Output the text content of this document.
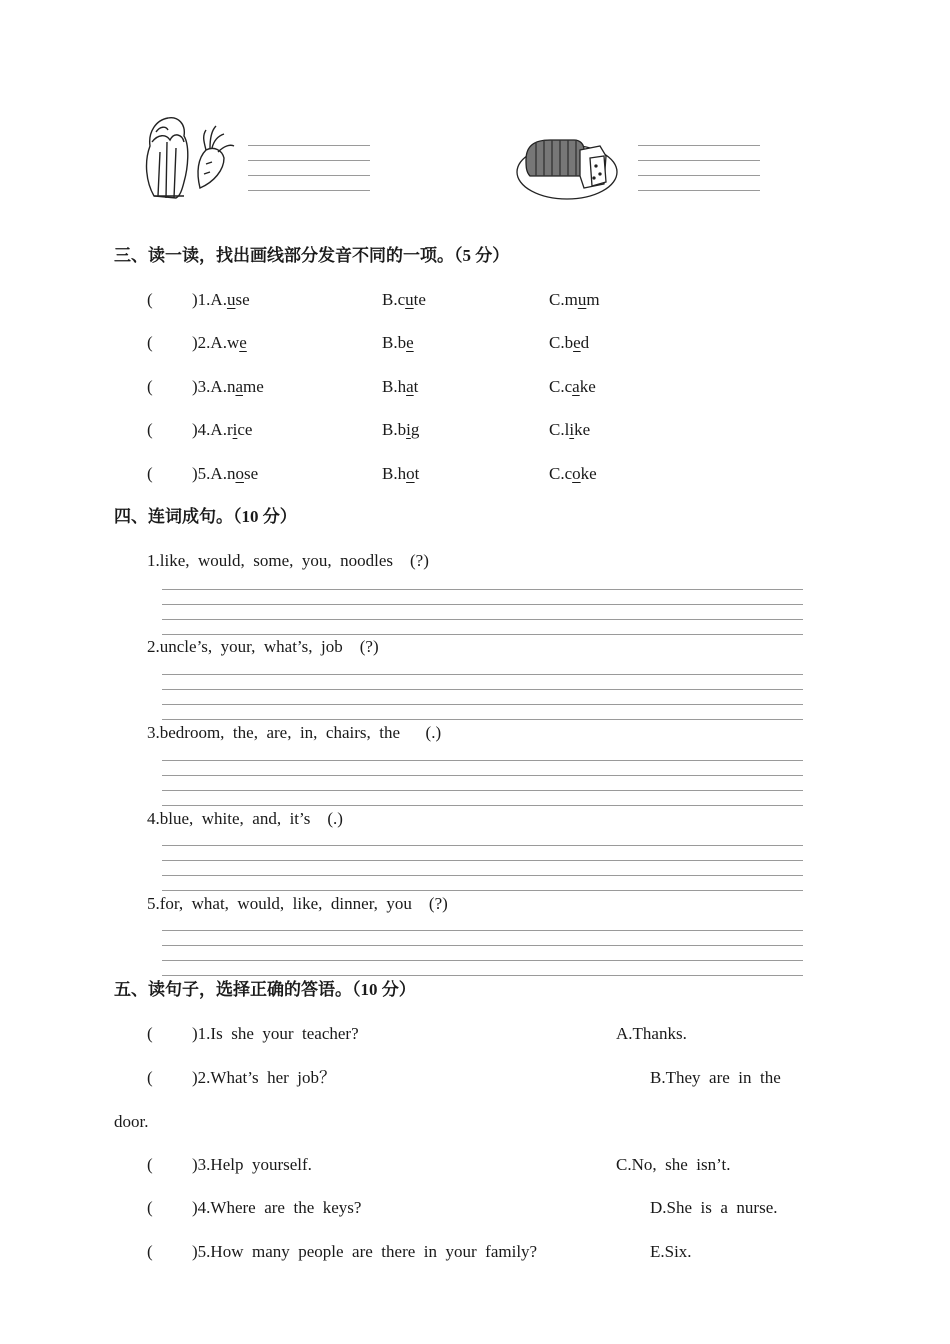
三、读一读，找出画线部分发音不同的一项。（5 分）
( )1.A.use	B.cute	C.mum
( )2.A.we	B.be	C.bed
( )3.A.name	B.hat	C.cake
( )4.A.rice	B.big	C.like
( )5.A.nose	B.hot	C.coke
四、连词成句。（10 分）
1.like,  would,  some,  you,  noodles    (?)
2.uncle’s,  your,  what’s,  job    (?)
3.bedroom,  the,  are,  in,  chairs,  the      (.)
4.blue,  white,  and,  it’s    (.)
5.for,  what,  would,  like,  dinner,  you    (?)
五、读句子，选择正确的答语。（10 分）
( )1.Is  she  your  teacher?	A.Thanks.
( )2.What’s  her  job？	B.They  are  in  the
door.
( )3.Help  yourself.	C.No,  she  isn’t.
( )4.Where  are  the  keys?	D.She  is  a  nurse.
( )5.How  many  people  are  there  in  your  family?	E.Six.
